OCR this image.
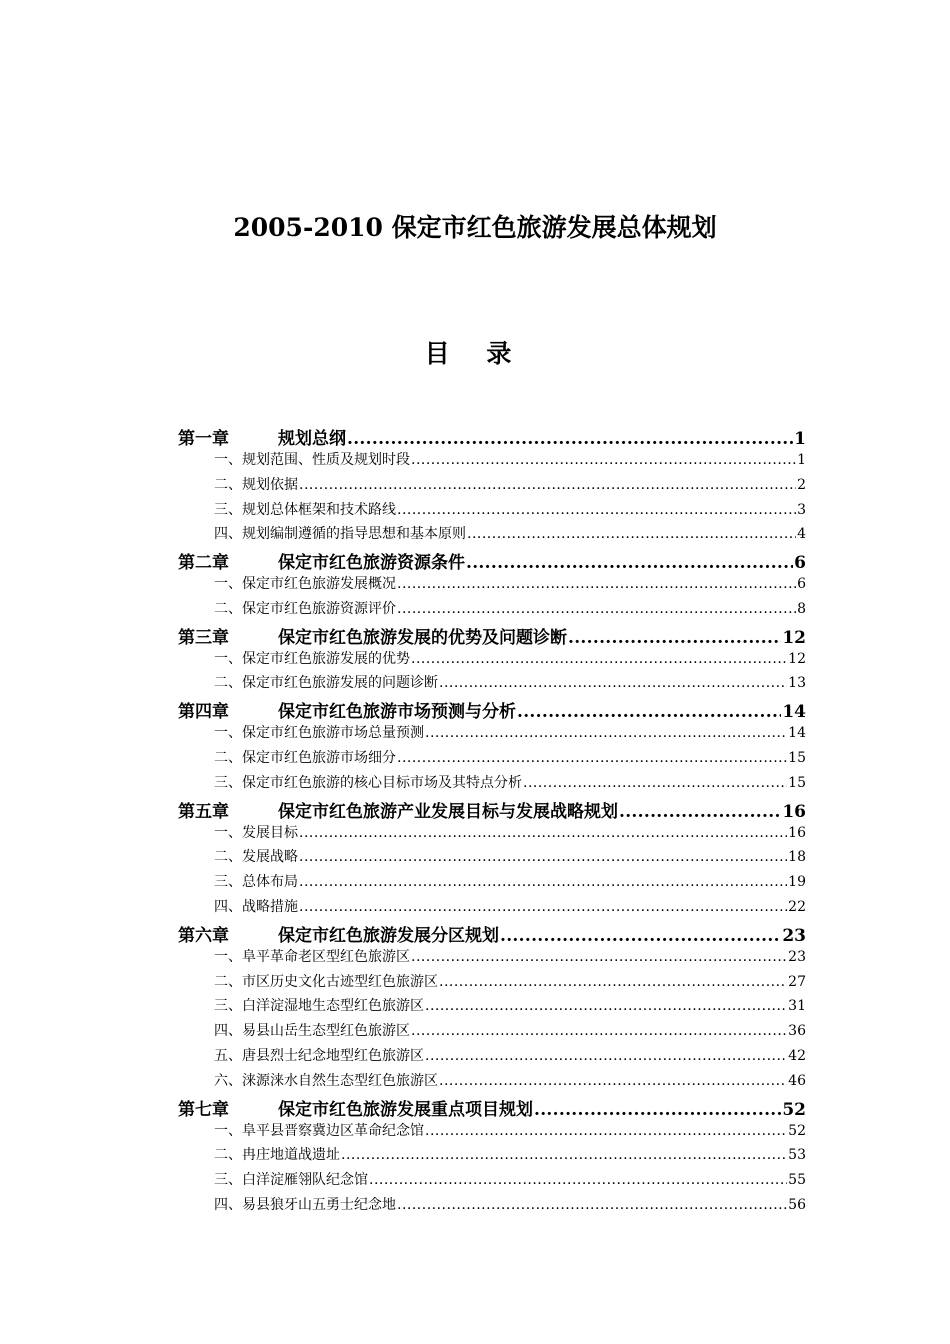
2005-2010 保定市红色旅游发展总体规划
目 录
第一章	规划总纲 .....	1
一、规划范围、性质及规划时段 .....	1
二、规划依据 .....	2
三、规划总体框架和技术路线 .....	3
四、规划编制遵循的指导思想和基本原则 .....	4
第二章	保定市红色旅游资源条件 .....	6
一、保定市红色旅游发展概况 .....	6
二、保定市红色旅游资源评价 .....	8
第三章	保定市红色旅游发展的优势及问题诊断 .....	12
一、保定市红色旅游发展的优势 .....	12
二、保定市红色旅游发展的问题诊断 .....	13
第四章	保定市红色旅游市场预测与分析 .....	14
一、保定市红色旅游市场总量预测 .....	14
二、保定市红色旅游市场细分 .....	15
三、保定市红色旅游的核心目标市场及其特点分析 .....	15
第五章	保定市红色旅游产业发展目标与发展战略规划 .....	16
一、发展目标 .....	16
二、发展战略 .....	18
三、总体布局 .....	19
四、战略措施 .....	22
第六章	保定市红色旅游发展分区规划 .....	23
一、阜平革命老区型红色旅游区 .....	23
二、市区历史文化古迹型红色旅游区 .....	27
三、白洋淀湿地生态型红色旅游区 .....	31
四、易县山岳生态型红色旅游区 .....	36
五、唐县烈士纪念地型红色旅游区 .....	42
六、涞源涞水自然生态型红色旅游区 .....	46
第七章	保定市红色旅游发展重点项目规划 .....	52
一、阜平县晋察冀边区革命纪念馆 .....	52
二、冉庄地道战遗址 .....	53
三、白洋淀雁翎队纪念馆 .....	55
四、易县狼牙山五勇士纪念地 .....	56
